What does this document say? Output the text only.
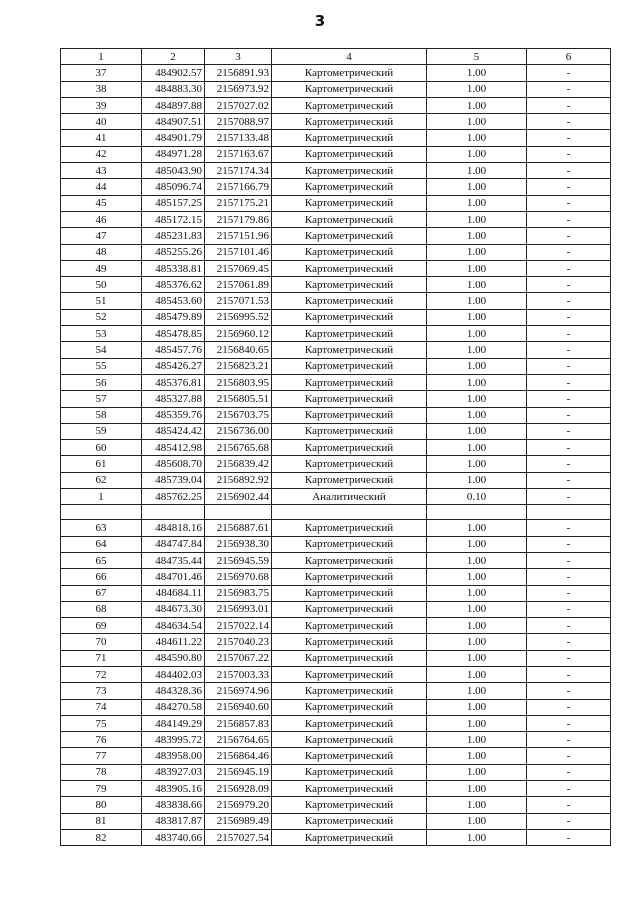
3
1	2	3	4	5	6
37	484902.57	2156891.93	Картометрический	1.00	-
38	484883.30	2156973.92	Картометрический	1.00	-
39	484897.88	2157027.02	Картометрический	1.00	-
40	484907.51	2157088.97	Картометрический	1.00	-
41	484901.79	2157133.48	Картометрический	1.00	-
42	484971.28	2157163.67	Картометрический	1.00	-
43	485043.90	2157174.34	Картометрический	1.00	-
44	485096.74	2157166.79	Картометрический	1.00	-
45	485157.25	2157175.21	Картометрический	1.00	-
46	485172.15	2157179.86	Картометрический	1.00	-
47	485231.83	2157151.96	Картометрический	1.00	-
48	485255.26	2157101.46	Картометрический	1.00	-
49	485338.81	2157069.45	Картометрический	1.00	-
50	485376.62	2157061.89	Картометрический	1.00	-
51	485453.60	2157071.53	Картометрический	1.00	-
52	485479.89	2156995.52	Картометрический	1.00	-
53	485478.85	2156960.12	Картометрический	1.00	-
54	485457.76	2156840.65	Картометрический	1.00	-
55	485426.27	2156823.21	Картометрический	1.00	-
56	485376.81	2156803.95	Картометрический	1.00	-
57	485327.88	2156805.51	Картометрический	1.00	-
58	485359.76	2156703.75	Картометрический	1.00	-
59	485424.42	2156736.00	Картометрический	1.00	-
60	485412.98	2156765.68	Картометрический	1.00	-
61	485608.70	2156839.42	Картометрический	1.00	-
62	485739.04	2156892.92	Картометрический	1.00	-
1	485762.25	2156902.44	Аналитический	0.10	-

63	484818.16	2156887.61	Картометрический	1.00	-
64	484747.84	2156938.30	Картометрический	1.00	-
65	484735.44	2156945.59	Картометрический	1.00	-
66	484701.46	2156970.68	Картометрический	1.00	-
67	484684.11	2156983.75	Картометрический	1.00	-
68	484673.30	2156993.01	Картометрический	1.00	-
69	484634.54	2157022.14	Картометрический	1.00	-
70	484611.22	2157040.23	Картометрический	1.00	-
71	484590.80	2157067.22	Картометрический	1.00	-
72	484402.03	2157003.33	Картометрический	1.00	-
73	484328.36	2156974.96	Картометрический	1.00	-
74	484270.58	2156940.60	Картометрический	1.00	-
75	484149.29	2156857.83	Картометрический	1.00	-
76	483995.72	2156764.65	Картометрический	1.00	-
77	483958.00	2156864.46	Картометрический	1.00	-
78	483927.03	2156945.19	Картометрический	1.00	-
79	483905.16	2156928.09	Картометрический	1.00	-
80	483838.66	2156979.20	Картометрический	1.00	-
81	483817.87	2156989.49	Картометрический	1.00	-
82	483740.66	2157027.54	Картометрический	1.00	-
